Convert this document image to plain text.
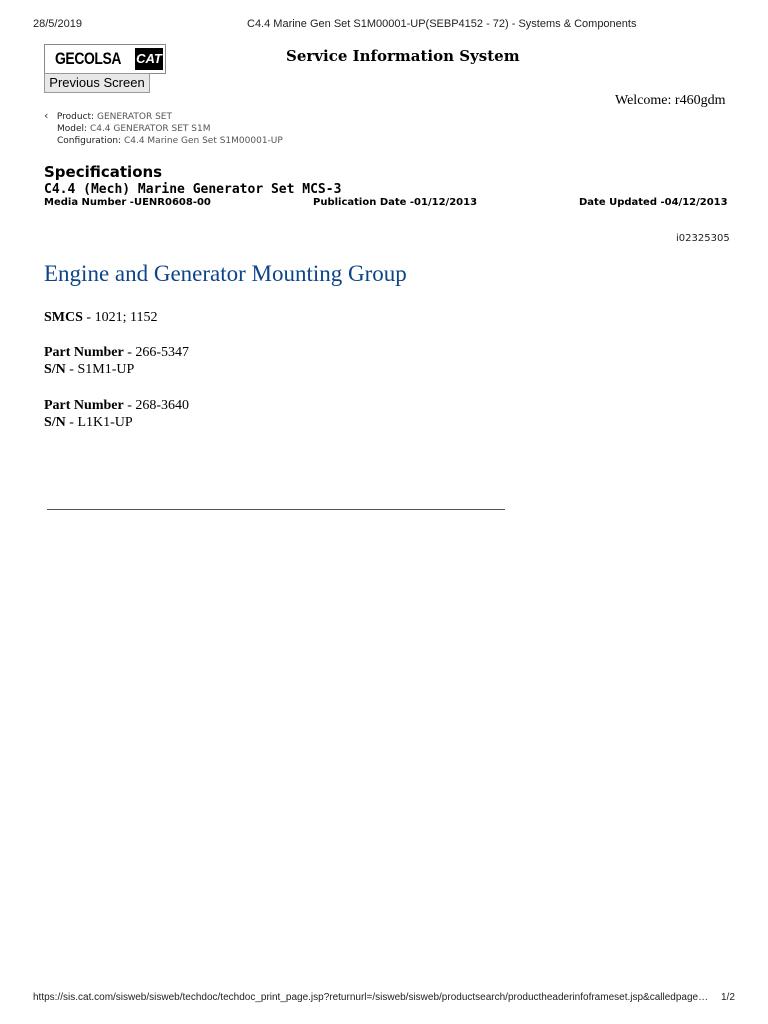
28/5/2019	C4.4 Marine Gen Set S1M00001-UP(SEBP4152 - 72) - Systems & Components
GECOLSA CAT
Previous Screen
Service Information System
Welcome: r460gdm
‹ Product: GENERATOR SET
Model: C4.4 GENERATOR SET S1M
Configuration: C4.4 Marine Gen Set S1M00001-UP
Specifications
C4.4 (Mech) Marine Generator Set MCS-3
Media Number -UENR0608-00	Publication Date -01/12/2013	Date Updated -04/12/2013
i02325305
Engine and Generator Mounting Group
SMCS - 1021; 1152
Part Number - 266-5347
S/N - S1M1-UP
Part Number - 268-3640
S/N - L1K1-UP
https://sis.cat.com/sisweb/sisweb/techdoc/techdoc_print_page.jsp?returnurl=/sisweb/sisweb/productsearch/productheaderinfoframeset.jsp&calledpage…	1/2
